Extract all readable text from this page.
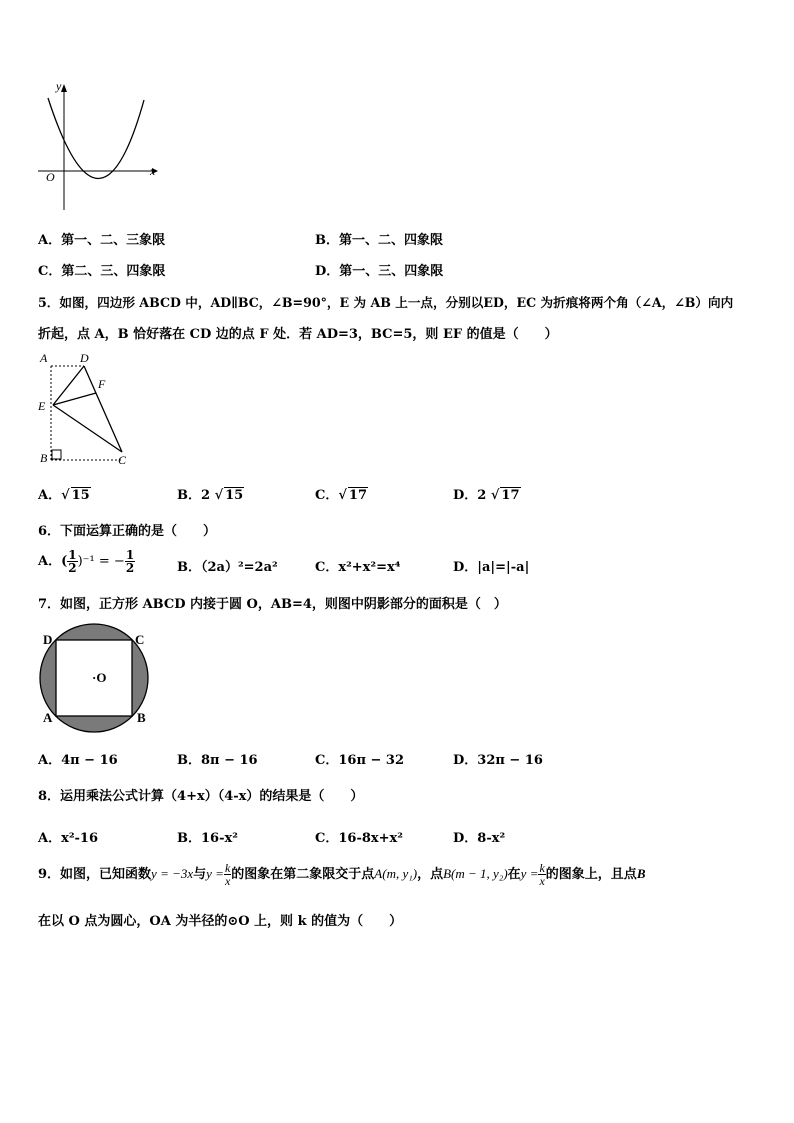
y
x
O
A．第一、二、三象限	B．第一、二、四象限
C．第二、三、四象限	D．第一、三、四象限
5．如图，四边形 ABCD 中，AD∥BC，∠B=90°，E 为 AB 上一点，分别以ED，EC 为折痕将两个角（∠A，∠B）向内
折起，点 A，B 恰好落在 CD 边的点 F 处．若 AD=3，BC=5，则 EF 的值是（　　）
A	D
F
E
B	C
A．√ 15	B．2 √ 15	C．√ 17	D．2 √ 17
6．下面运算正确的是（　　）
A．( $\frac{1}{2} )^{-1}$ = − $\frac{1}{2}$	B．（2a）²=2a²	C．x²+x²=x⁴	D．|a|=|-a|
7．如图，正方形 ABCD 内接于圆 O，AB=4，则图中阴影部分的面积是（　）
D	C
·O
A	B
A．4π − 16	B．8π − 16	C．16π − 32	D．32π − 16
8．运用乘法公式计算（4+x）（4-x）的结果是（　　）
A．x²-16	B．16-x²	C．16-8x+x²	D．8-x²
9．如图，已知函数y = −3x与$y = \frac{k}{x}$ 的图象在第二象限交于点A(m, y₁)，点B(m − 1, y₂)在$y = \frac{k}{x}$ 的图象上，且点B
在以 O 点为圆心，OA 为半径的⊙O 上，则 k 的值为（　　）
